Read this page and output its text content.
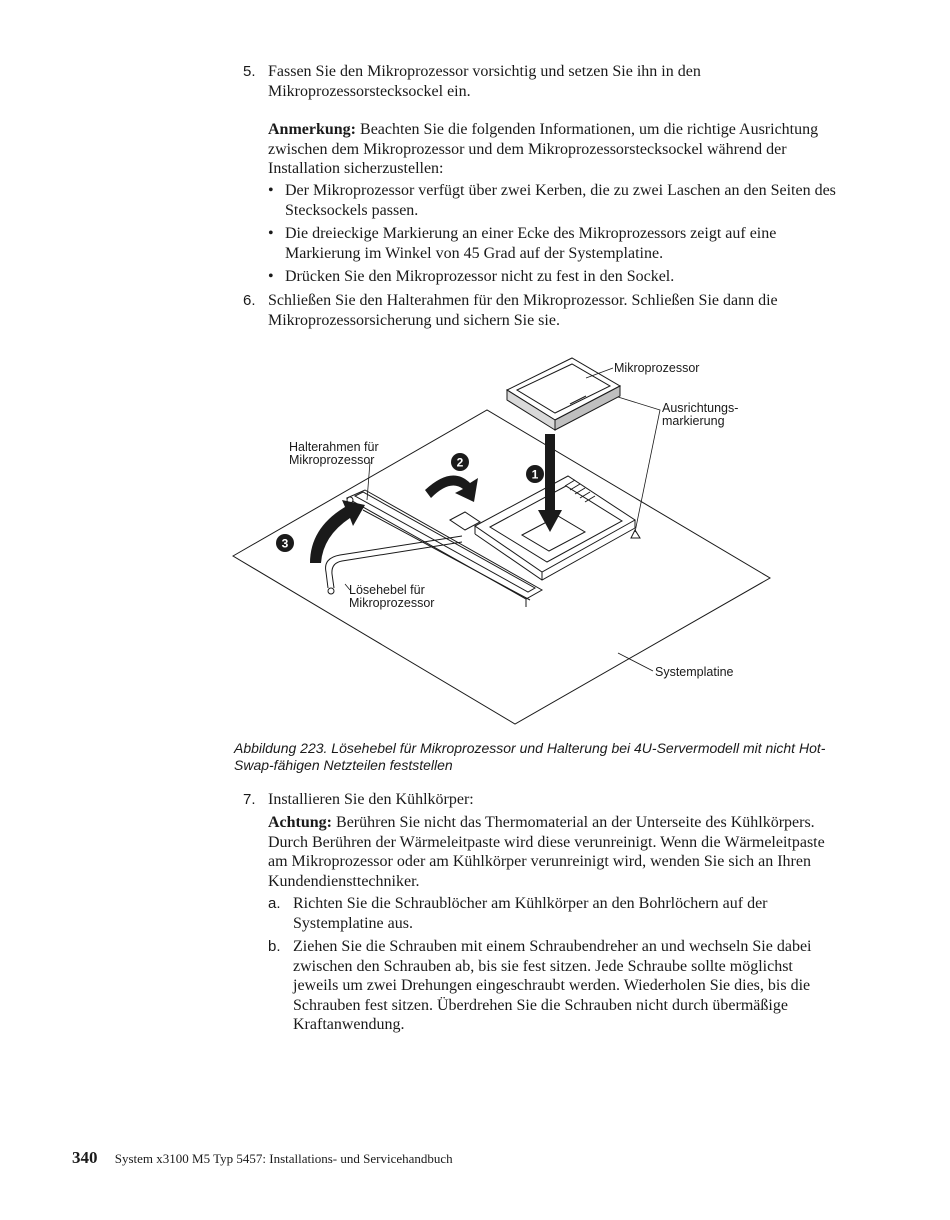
5. Fassen Sie den Mikroprozessor vorsichtig und setzen Sie ihn in den Mikroprozessorstecksockel ein.
Anmerkung: Beachten Sie die folgenden Informationen, um die richtige Ausrichtung zwischen dem Mikroprozessor und dem Mikroprozessorstecksockel während der Installation sicherzustellen:
• Der Mikroprozessor verfügt über zwei Kerben, die zu zwei Laschen an den Seiten des Stecksockels passen.
• Die dreieckige Markierung an einer Ecke des Mikroprozessors zeigt auf eine Markierung im Winkel von 45 Grad auf der Systemplatine.
• Drücken Sie den Mikroprozessor nicht zu fest in den Sockel.
6. Schließen Sie den Halterahmen für den Mikroprozessor. Schließen Sie dann die Mikroprozessorsicherung und sichern Sie sie.
1
2
3
Mikroprozessor
Ausrichtungs-
markierung
Halterahmen für
Mikroprozessor
Lösehebel für
Mikroprozessor
Systemplatine
Abbildung 223. Lösehebel für Mikroprozessor und Halterung bei 4U-Servermodell mit nicht Hot-Swap-fähigen Netzteilen feststellen
7. Installieren Sie den Kühlkörper:
Achtung: Berühren Sie nicht das Thermomaterial an der Unterseite des Kühlkörpers. Durch Berühren der Wärmeleitpaste wird diese verunreinigt. Wenn die Wärmeleitpaste am Mikroprozessor oder am Kühlkörper verunreinigt wird, wenden Sie sich an Ihren Kundendiensttechniker.
a. Richten Sie die Schraublöcher am Kühlkörper an den Bohrlöchern auf der Systemplatine aus.
b. Ziehen Sie die Schrauben mit einem Schraubendreher an und wechseln Sie dabei zwischen den Schrauben ab, bis sie fest sitzen. Jede Schraube sollte möglichst jeweils um zwei Drehungen eingeschraubt werden. Wiederholen Sie dies, bis die Schrauben fest sitzen. Überdrehen Sie die Schrauben nicht durch übermäßige Kraftanwendung.
340 System x3100 M5 Typ 5457: Installations- und Servicehandbuch
